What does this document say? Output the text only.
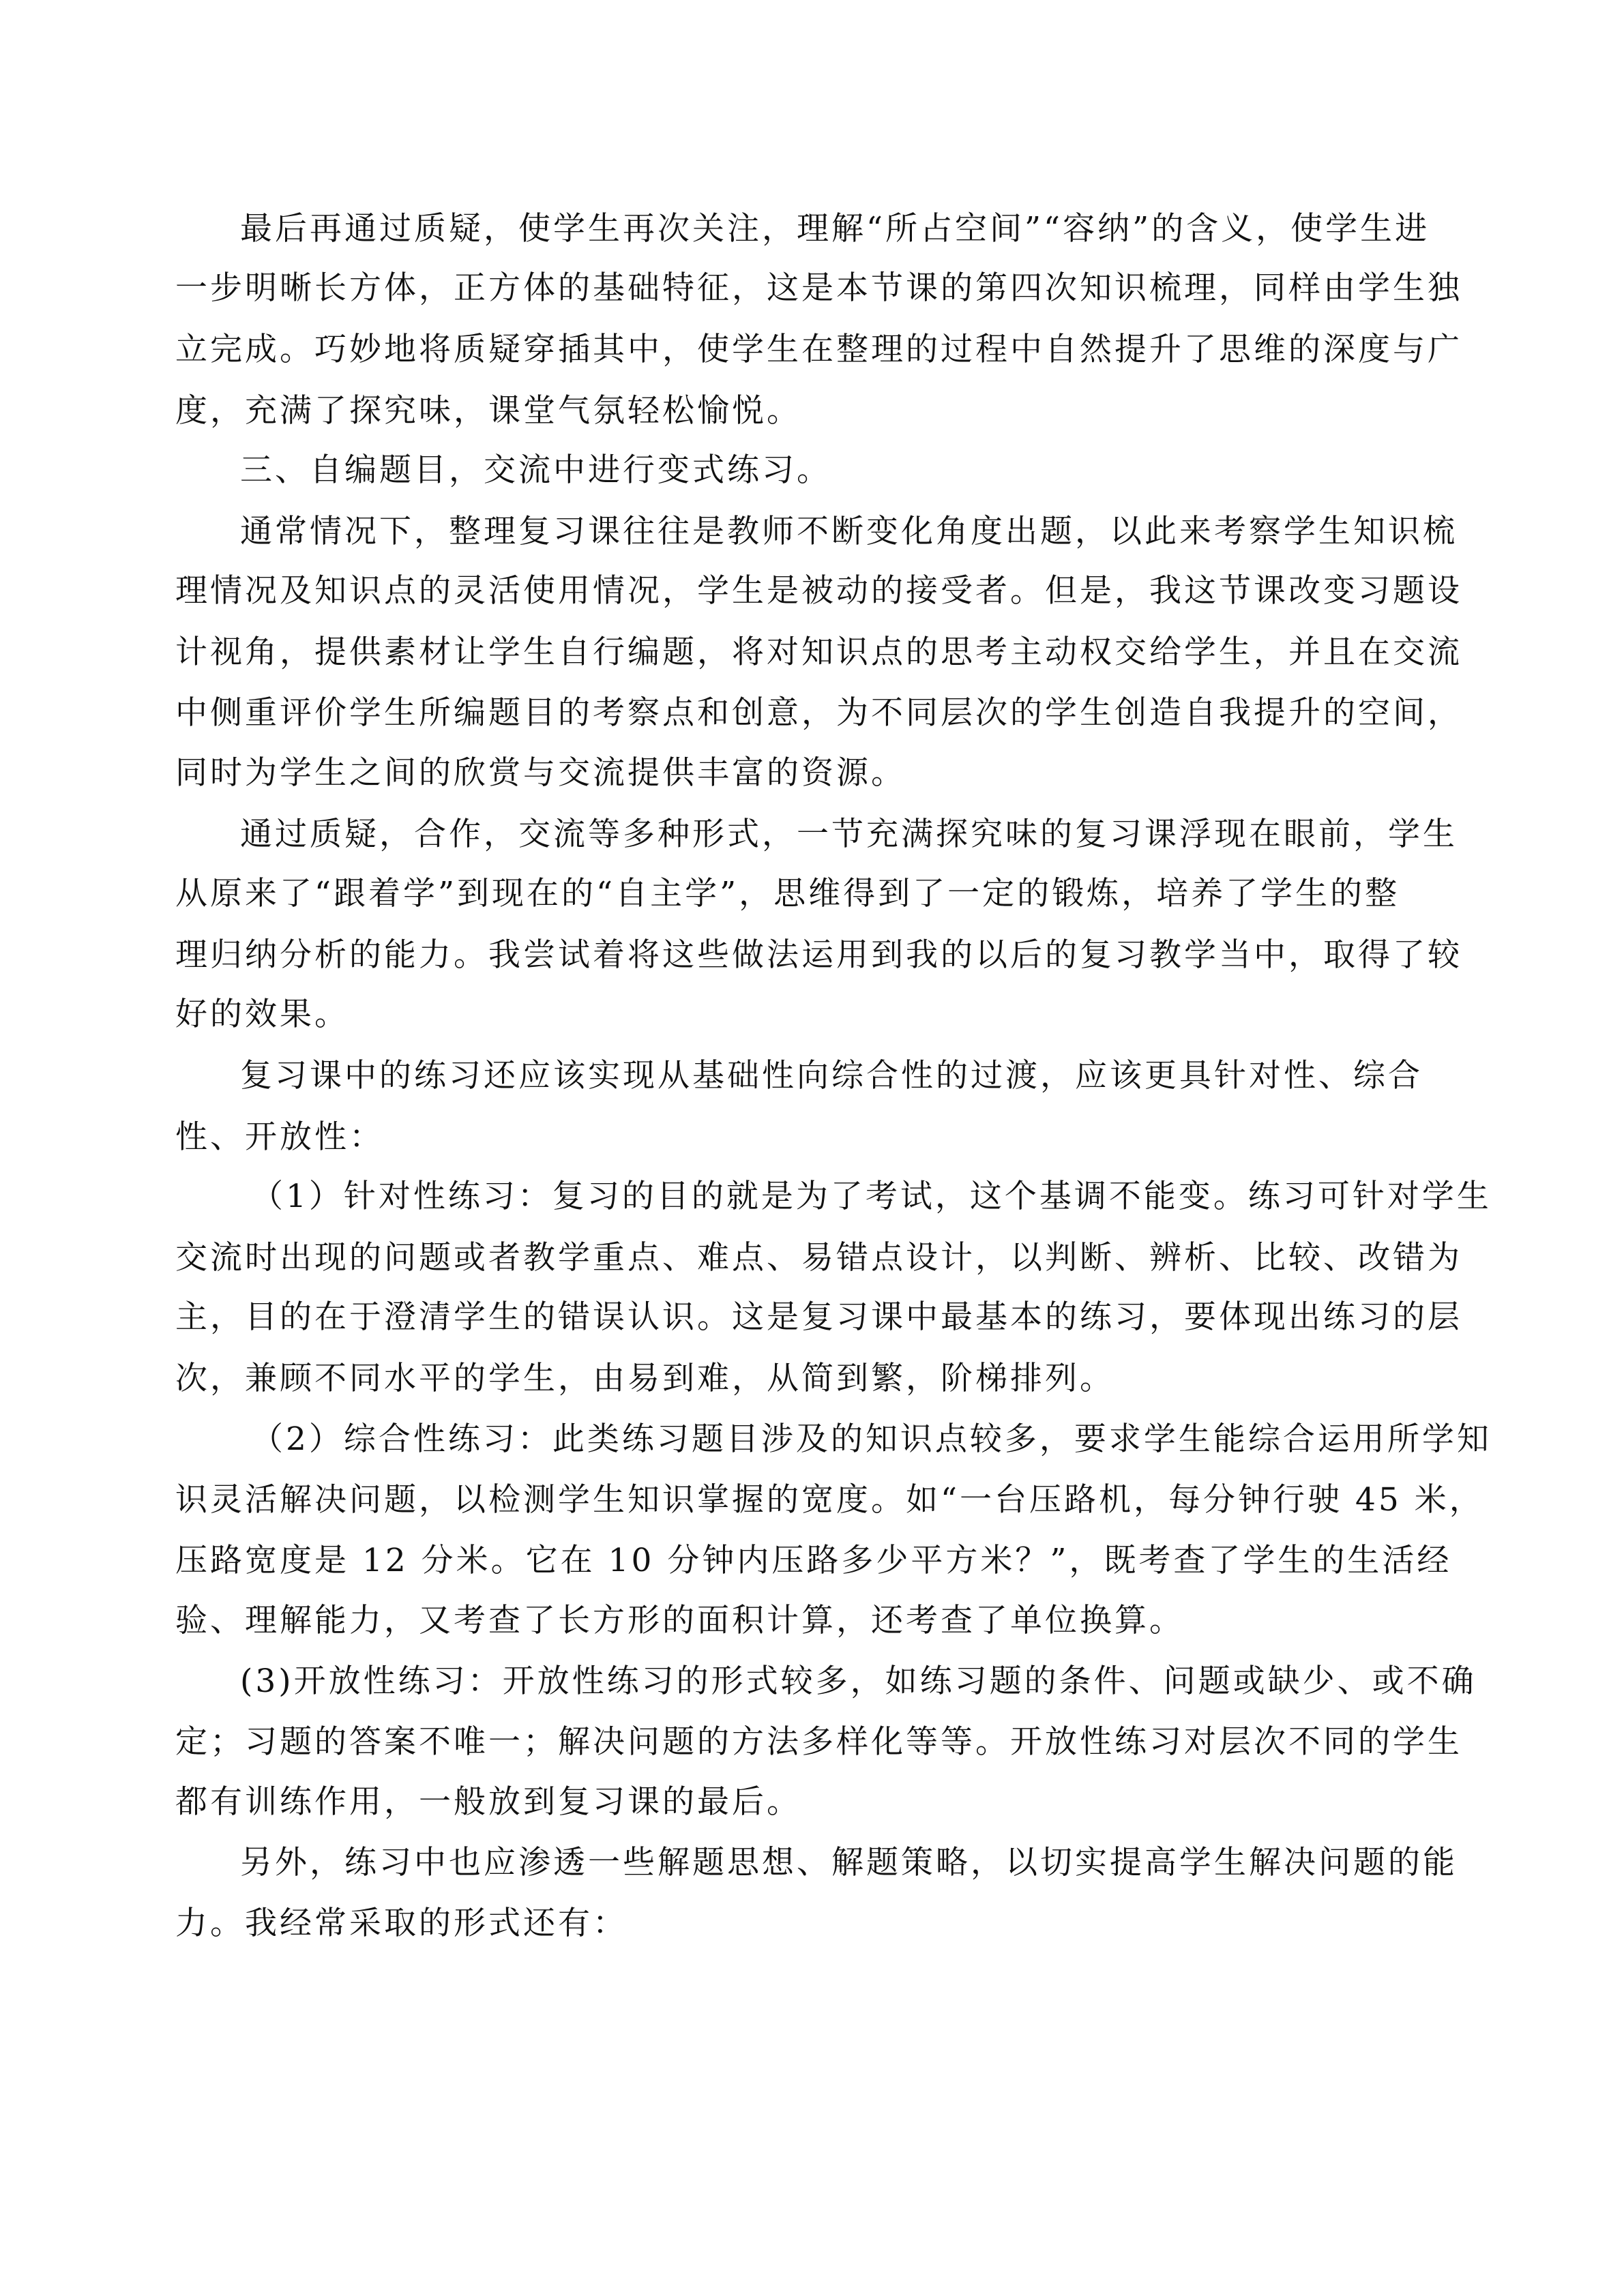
最后再通过质疑，使学生再次关注，理解“所占空间”“容纳”的含义，使学生进

一步明晰长方体，正方体的基础特征，这是本节课的第四次知识梳理，同样由学生独

立完成。巧妙地将质疑穿插其中，使学生在整理的过程中自然提升了思维的深度与广

度，充满了探究味，课堂气氛轻松愉悦。

三、自编题目，交流中进行变式练习。

通常情况下，整理复习课往往是教师不断变化角度出题，以此来考察学生知识梳

理情况及知识点的灵活使用情况，学生是被动的接受者。但是，我这节课改变习题设

计视角，提供素材让学生自行编题，将对知识点的思考主动权交给学生，并且在交流

中侧重评价学生所编题目的考察点和创意，为不同层次的学生创造自我提升的空间，

同时为学生之间的欣赏与交流提供丰富的资源。

通过质疑，合作，交流等多种形式，一节充满探究味的复习课浮现在眼前，学生

从原来了“跟着学”到现在的“自主学”，思维得到了一定的锻炼，培养了学生的整

理归纳分析的能力。我尝试着将这些做法运用到我的以后的复习教学当中，取得了较

好的效果。

复习课中的练习还应该实现从基础性向综合性的过渡，应该更具针对性、综合

性、开放性：

（1）针对性练习：复习的目的就是为了考试，这个基调不能变。练习可针对学生

交流时出现的问题或者教学重点、难点、易错点设计，以判断、辨析、比较、改错为

主，目的在于澄清学生的错误认识。这是复习课中最基本的练习，要体现出练习的层

次，兼顾不同水平的学生，由易到难，从简到繁，阶梯排列。

（2）综合性练习：此类练习题目涉及的知识点较多，要求学生能综合运用所学知

识灵活解决问题，以检测学生知识掌握的宽度。如“一台压路机，每分钟行驶 45 米，

压路宽度是 12 分米。它在 10 分钟内压路多少平方米？”，既考查了学生的生活经

验、理解能力，又考查了长方形的面积计算，还考查了单位换算。

(3)开放性练习：开放性练习的形式较多，如练习题的条件、问题或缺少、或不确

定；习题的答案不唯一；解决问题的方法多样化等等。开放性练习对层次不同的学生

都有训练作用，一般放到复习课的最后。

另外，练习中也应渗透一些解题思想、解题策略，以切实提高学生解决问题的能

力。我经常采取的形式还有：
